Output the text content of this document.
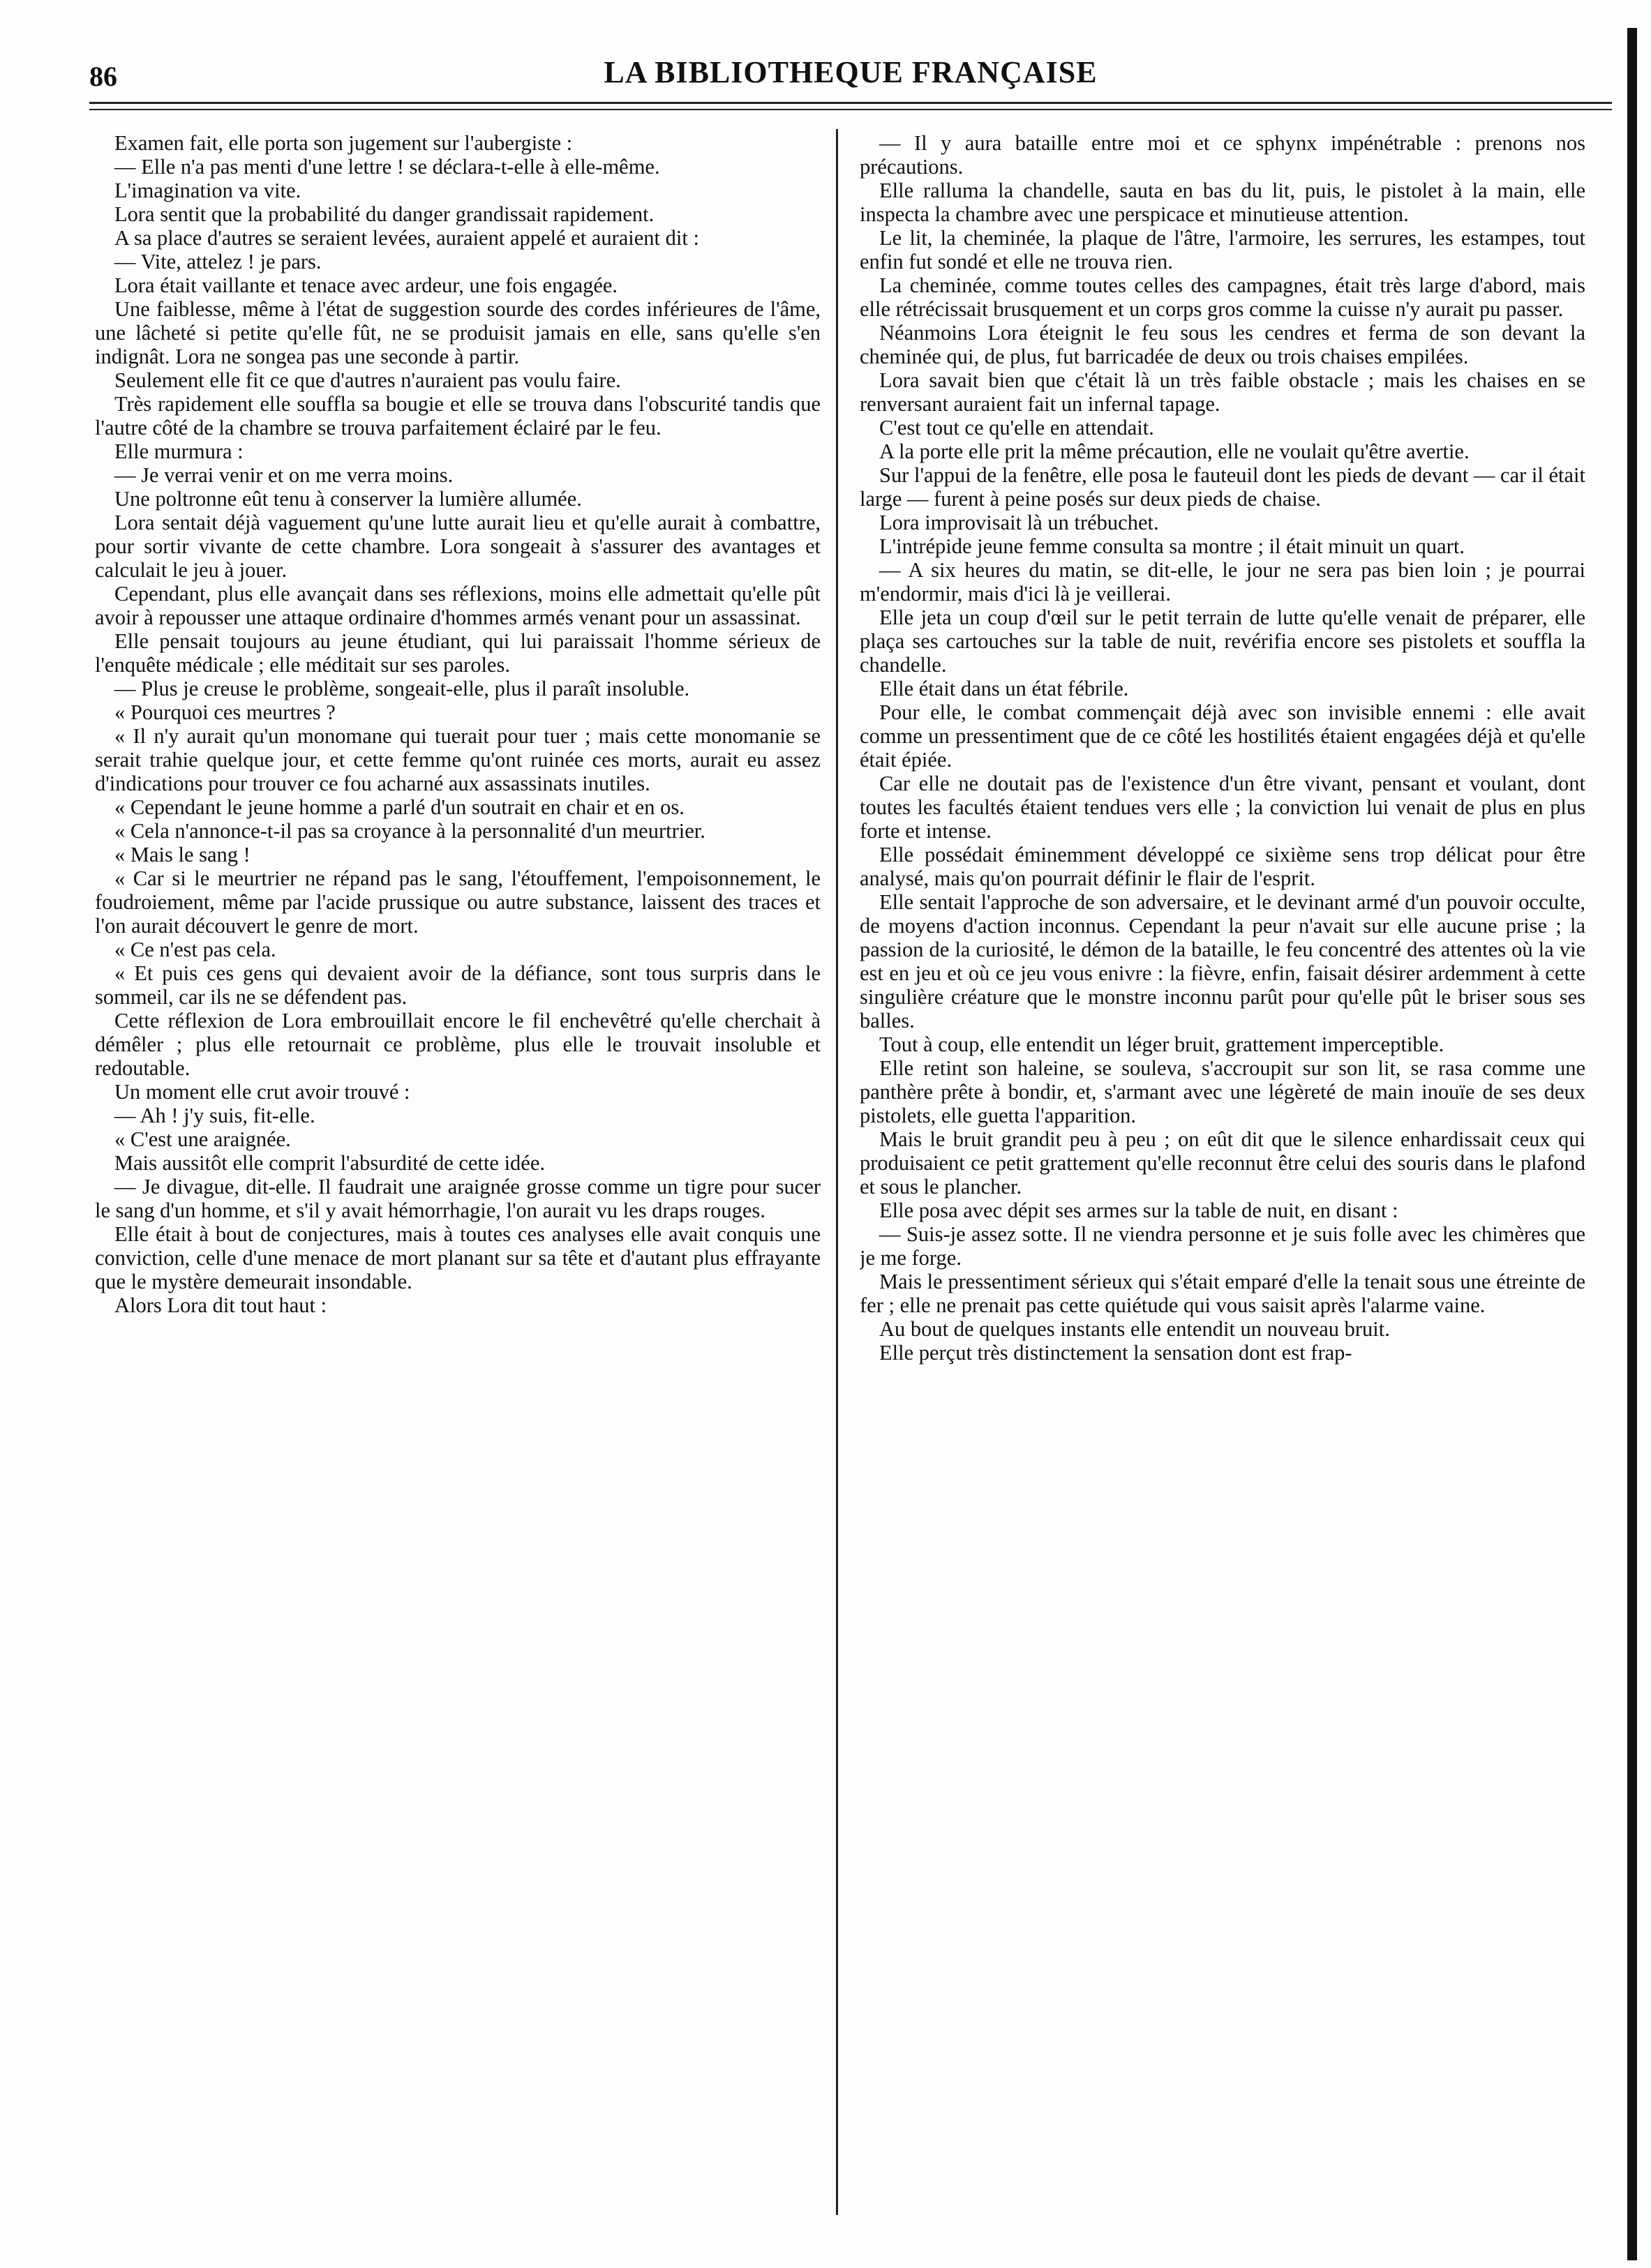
86	LA BIBLIOTHEQUE FRANÇAISE

Examen fait, elle porta son jugement sur l'aubergiste :

— Elle n'a pas menti d'une lettre ! se déclara-t-elle à elle-même.

L'imagination va vite.

Lora sentit que la probabilité du danger grandissait rapidement.

A sa place d'autres se seraient levées, auraient appelé et auraient dit :

— Vite, attelez ! je pars.

Lora était vaillante et tenace avec ardeur, une fois engagée.

Une faiblesse, même à l'état de suggestion sourde des cordes inférieures de l'âme, une lâcheté si petite qu'elle fût, ne se produisit jamais en elle, sans qu'elle s'en indignât. Lora ne songea pas une seconde à partir.

Seulement elle fit ce que d'autres n'auraient pas voulu faire.

Très rapidement elle souffla sa bougie et elle se trouva dans l'obscurité tandis que l'autre côté de la chambre se trouva parfaitement éclairé par le feu.

Elle murmura :

— Je verrai venir et on me verra moins.

Une poltronne eût tenu à conserver la lumière allumée.

Lora sentait déjà vaguement qu'une lutte aurait lieu et qu'elle aurait à combattre, pour sortir vivante de cette chambre. Lora songeait à s'assurer des avantages et calculait le jeu à jouer.

Cependant, plus elle avançait dans ses réflexions, moins elle admettait qu'elle pût avoir à repousser une attaque ordinaire d'hommes armés venant pour un assassinat.

Elle pensait toujours au jeune étudiant, qui lui paraissait l'homme sérieux de l'enquête médicale ; elle méditait sur ses paroles.

— Plus je creuse le problème, songeait-elle, plus il paraît insoluble.

« Pourquoi ces meurtres ?

« Il n'y aurait qu'un monomane qui tuerait pour tuer ; mais cette monomanie se serait trahie quelque jour, et cette femme qu'ont ruinée ces morts, aurait eu assez d'indications pour trouver ce fou acharné aux assassinats inutiles.

« Cependant le jeune homme a parlé d'un soutrait en chair et en os.

« Cela n'annonce-t-il pas sa croyance à la personnalité d'un meurtrier.

« Mais le sang !

« Car si le meurtrier ne répand pas le sang, l'étouffement, l'empoisonnement, le foudroiement, même par l'acide prussique ou autre substance, laissent des traces et l'on aurait découvert le genre de mort.

« Ce n'est pas cela.

« Et puis ces gens qui devaient avoir de la défiance, sont tous surpris dans le sommeil, car ils ne se défendent pas.

Cette réflexion de Lora embrouillait encore le fil enchevêtré qu'elle cherchait à démêler ; plus elle retournait ce problème, plus elle le trouvait insoluble et redoutable.

Un moment elle crut avoir trouvé :

— Ah ! j'y suis, fit-elle.

« C'est une araignée.

Mais aussitôt elle comprit l'absurdité de cette idée.

— Je divague, dit-elle. Il faudrait une araignée grosse comme un tigre pour sucer le sang d'un homme, et s'il y avait hémorrhagie, l'on aurait vu les draps rouges.

Elle était à bout de conjectures, mais à toutes ces analyses elle avait conquis une conviction, celle d'une menace de mort planant sur sa tête et d'autant plus effrayante que le mystère demeurait insondable.

Alors Lora dit tout haut :

— Il y aura bataille entre moi et ce sphynx impénétrable : prenons nos précautions.

Elle ralluma la chandelle, sauta en bas du lit, puis, le pistolet à la main, elle inspecta la chambre avec une perspicace et minutieuse attention.

Le lit, la cheminée, la plaque de l'âtre, l'armoire, les serrures, les estampes, tout enfin fut sondé et elle ne trouva rien.

La cheminée, comme toutes celles des campagnes, était très large d'abord, mais elle rétrécissait brusquement et un corps gros comme la cuisse n'y aurait pu passer.

Néanmoins Lora éteignit le feu sous les cendres et ferma de son devant la cheminée qui, de plus, fut barricadée de deux ou trois chaises empilées.

Lora savait bien que c'était là un très faible obstacle ; mais les chaises en se renversant auraient fait un infernal tapage.

C'est tout ce qu'elle en attendait.

A la porte elle prit la même précaution, elle ne voulait qu'être avertie.

Sur l'appui de la fenêtre, elle posa le fauteuil dont les pieds de devant — car il était large — furent à peine posés sur deux pieds de chaise.

Lora improvisait là un trébuchet.

L'intrépide jeune femme consulta sa montre ; il était minuit un quart.

— A six heures du matin, se dit-elle, le jour ne sera pas bien loin ; je pourrai m'endormir, mais d'ici là je veillerai.

Elle jeta un coup d'œil sur le petit terrain de lutte qu'elle venait de préparer, elle plaça ses cartouches sur la table de nuit, revérifia encore ses pistolets et souffla la chandelle.

Elle était dans un état fébrile.

Pour elle, le combat commençait déjà avec son invisible ennemi : elle avait comme un pressentiment que de ce côté les hostilités étaient engagées déjà et qu'elle était épiée.

Car elle ne doutait pas de l'existence d'un être vivant, pensant et voulant, dont toutes les facultés étaient tendues vers elle ; la conviction lui venait de plus en plus forte et intense.

Elle possédait éminemment développé ce sixième sens trop délicat pour être analysé, mais qu'on pourrait définir le flair de l'esprit.

Elle sentait l'approche de son adversaire, et le devinant armé d'un pouvoir occulte, de moyens d'action inconnus. Cependant la peur n'avait sur elle aucune prise ; la passion de la curiosité, le démon de la bataille, le feu concentré des attentes où la vie est en jeu et où ce jeu vous enivre : la fièvre, enfin, faisait désirer ardemment à cette singulière créature que le monstre inconnu parût pour qu'elle pût le briser sous ses balles.

Tout à coup, elle entendit un léger bruit, grattement imperceptible.

Elle retint son haleine, se souleva, s'accroupit sur son lit, se rasa comme une panthère prête à bondir, et, s'armant avec une légèreté de main inouïe de ses deux pistolets, elle guetta l'apparition.

Mais le bruit grandit peu à peu ; on eût dit que le silence enhardissait ceux qui produisaient ce petit grattement qu'elle reconnut être celui des souris dans le plafond et sous le plancher.

Elle posa avec dépit ses armes sur la table de nuit, en disant :

— Suis-je assez sotte. Il ne viendra personne et je suis folle avec les chimères que je me forge.

Mais le pressentiment sérieux qui s'était emparé d'elle la tenait sous une étreinte de fer ; elle ne prenait pas cette quiétude qui vous saisit après l'alarme vaine.

Au bout de quelques instants elle entendit un nouveau bruit.

Elle perçut très distinctement la sensation dont est frap-
